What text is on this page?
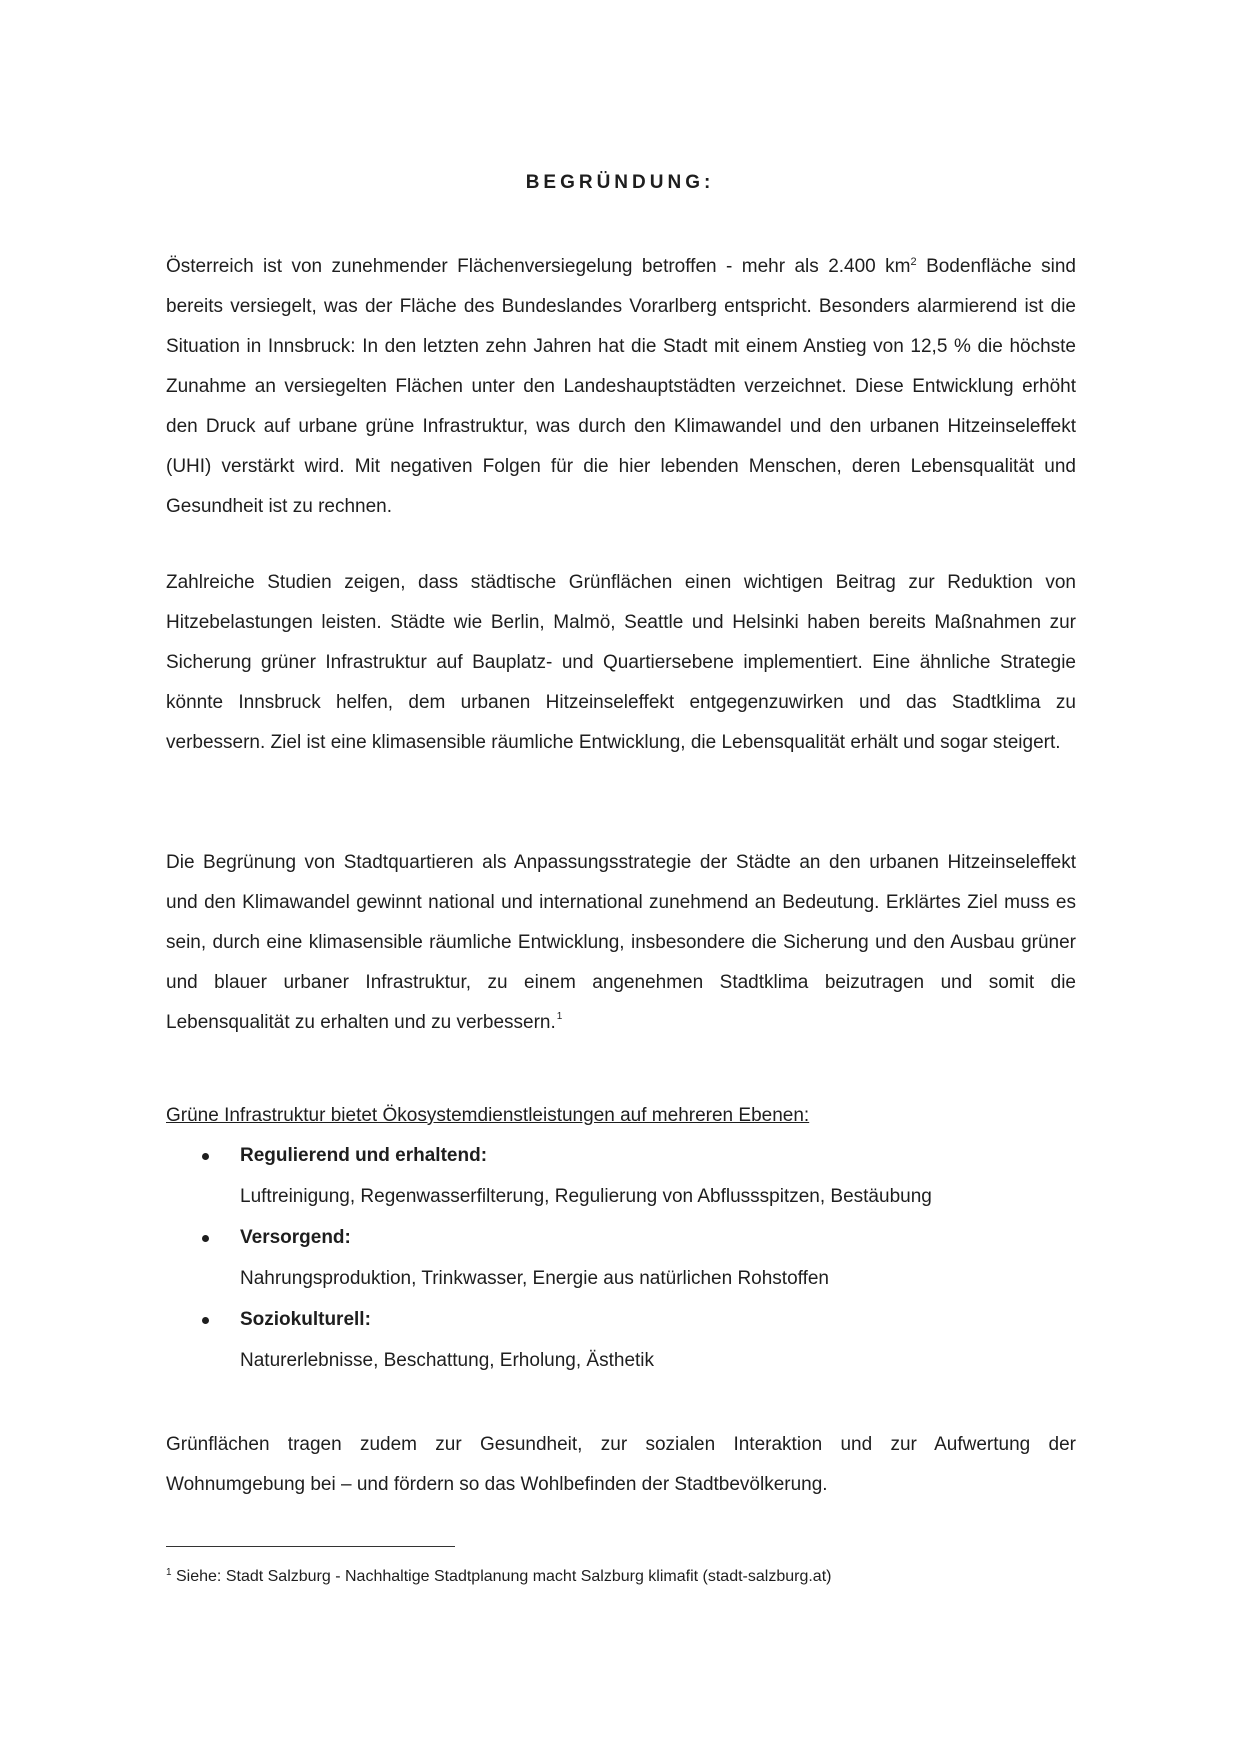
BEGRÜNDUNG:

Österreich ist von zunehmender Flächenversiegelung betroffen - mehr als 2.400 $km^2$ Bodenfläche sind bereits versiegelt, was der Fläche des Bundeslandes Vorarlberg entspricht. Besonders alarmierend ist die Situation in Innsbruck: In den letzten zehn Jahren hat die Stadt mit einem Anstieg von 12,5 % die höchste Zunahme an versiegelten Flächen unter den Landeshauptstädten verzeichnet. Diese Entwicklung erhöht den Druck auf urbane grüne Infrastruktur, was durch den Klimawandel und den urbanen Hitzeinseleffekt (UHI) verstärkt wird. Mit negativen Folgen für die hier lebenden Menschen, deren Lebensqualität und Gesundheit ist zu rechnen.

Zahlreiche Studien zeigen, dass städtische Grünflächen einen wichtigen Beitrag zur Reduktion von Hitzebelastungen leisten. Städte wie Berlin, Malmö, Seattle und Helsinki haben bereits Maßnahmen zur Sicherung grüner Infrastruktur auf Bauplatz- und Quartiersebene implementiert. Eine ähnliche Strategie könnte Innsbruck helfen, dem urbanen Hitzeinseleffekt entgegenzuwirken und das Stadtklima zu verbessern. Ziel ist eine klimasensible räumliche Entwicklung, die Lebensqualität erhält und sogar steigert.

Die Begrünung von Stadtquartieren als Anpassungsstrategie der Städte an den urbanen Hitzeinseleffekt und den Klimawandel gewinnt national und international zunehmend an Bedeutung. Erklärtes Ziel muss es sein, durch eine klimasensible räumliche Entwicklung, insbesondere die Sicherung und den Ausbau grüner und blauer urbaner Infrastruktur, zu einem angenehmen Stadtklima beizutragen und somit die Lebensqualität zu erhalten und zu verbessern.$^1$

Grüne Infrastruktur bietet Ökosystemdienstleistungen auf mehreren Ebenen:

Regulierend und erhaltend:
Luftreinigung, Regenwasserfilterung, Regulierung von Abflussspitzen, Bestäubung
Versorgend:
Nahrungsproduktion, Trinkwasser, Energie aus natürlichen Rohstoffen
Soziokulturell:
Naturerlebnisse, Beschattung, Erholung, Ästhetik

Grünflächen tragen zudem zur Gesundheit, zur sozialen Interaktion und zur Aufwertung der Wohnumgebung bei – und fördern so das Wohlbefinden der Stadtbevölkerung.

$^1$ Siehe: Stadt Salzburg - Nachhaltige Stadtplanung macht Salzburg klimafit (stadt-salzburg.at)
